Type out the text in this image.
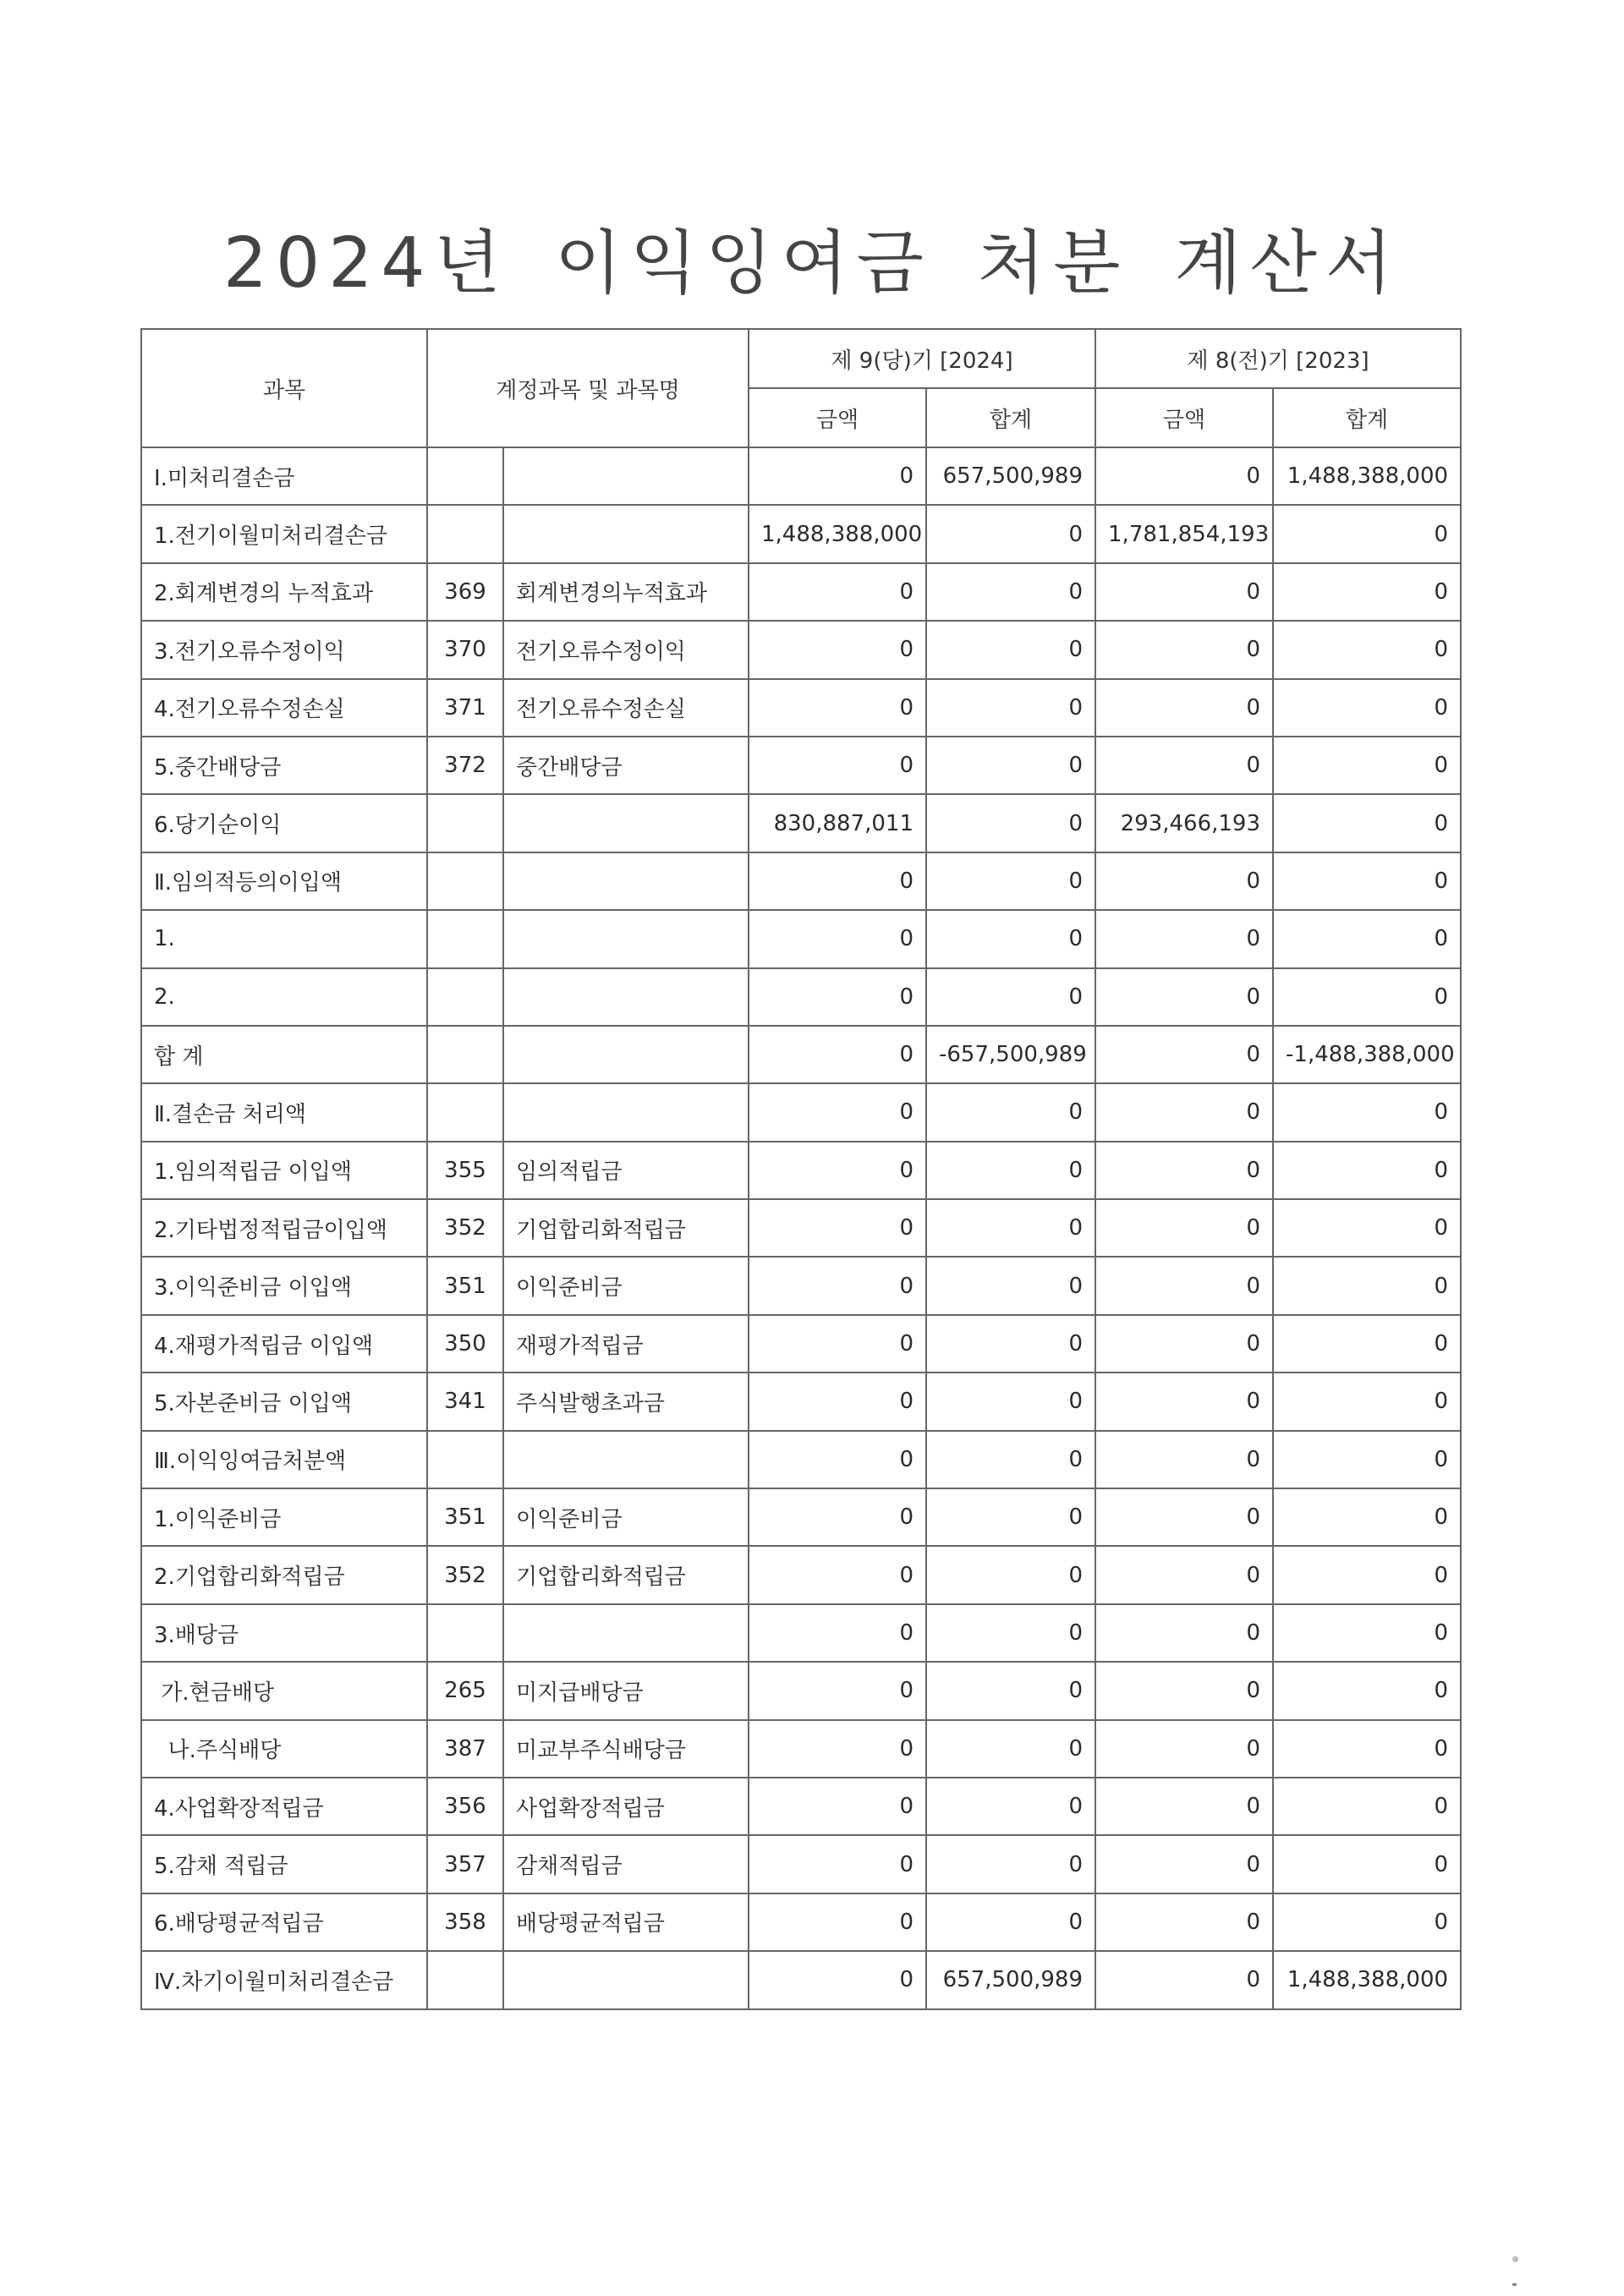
2024년 이익잉여금 처분 계산서
과목	계정과목 및 과목명		제 9(당)기 [2024]		제 8(전)기 [2023]	
			금액	합계	금액	합계
Ⅰ.미처리결손금			0	657,500,989	0	1,488,388,000
1.전기이월미처리결손금			1,488,388,000	0	1,781,854,193	0
2.회계변경의 누적효과	369	회계변경의누적효과	0	0	0	0
3.전기오류수정이익	370	전기오류수정이익	0	0	0	0
4.전기오류수정손실	371	전기오류수정손실	0	0	0	0
5.중간배당금	372	중간배당금	0	0	0	0
6.당기순이익			830,887,011	0	293,466,193	0
Ⅱ.임의적등의이입액			0	0	0	0
1.			0	0	0	0
2.			0	0	0	0
합 계			0	-657,500,989	0	-1,488,388,000
Ⅱ.결손금 처리액			0	0	0	0
1.임의적립금 이입액	355	임의적립금	0	0	0	0
2.기타법정적립금이입액	352	기업합리화적립금	0	0	0	0
3.이익준비금 이입액	351	이익준비금	0	0	0	0
4.재평가적립금 이입액	350	재평가적립금	0	0	0	0
5.자본준비금 이입액	341	주식발행초과금	0	0	0	0
Ⅲ.이익잉여금처분액			0	0	0	0
1.이익준비금	351	이익준비금	0	0	0	0
2.기업합리화적립금	352	기업합리화적립금	0	0	0	0
3.배당금			0	0	0	0
가.현금배당	265	미지급배당금	0	0	0	0
나.주식배당	387	미교부주식배당금	0	0	0	0
4.사업확장적립금	356	사업확장적립금	0	0	0	0
5.감채 적립금	357	감채적립금	0	0	0	0
6.배당평균적립금	358	배당평균적립금	0	0	0	0
Ⅳ.차기이월미처리결손금			0	657,500,989	0	1,488,388,000
